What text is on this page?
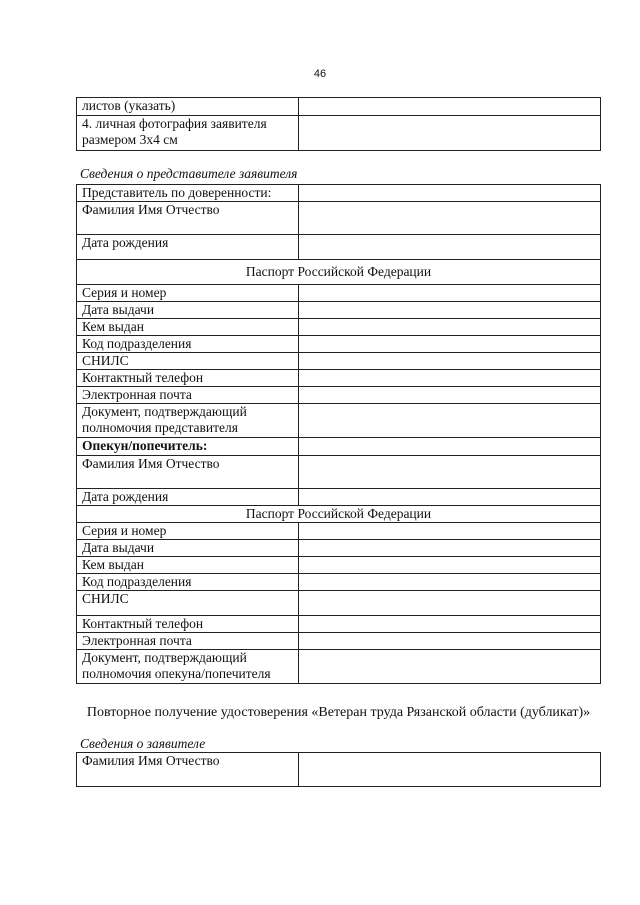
46
листов (указать)	
4. личная фотография заявителя размером 3х4 см	
Сведения о представителе заявителя
Представитель по доверенности:	
Фамилия Имя Отчество	
Дата рождения	
Паспорт Российской Федерации	
Серия и номер	
Дата выдачи	
Кем выдан	
Код подразделения	
СНИЛС	
Контактный телефон	
Электронная почта	
Документ, подтверждающий полномочия представителя	
Опекун/попечитель:	
Фамилия Имя Отчество	
Дата рождения	
Паспорт Российской Федерации	
Серия и номер	
Дата выдачи	
Кем выдан	
Код подразделения	
СНИЛС	
Контактный телефон	
Электронная почта	
Документ, подтверждающий полномочия опекуна/попечителя	
Повторное получение удостоверения «Ветеран труда Рязанской области (дубликат)»
Сведения о заявителе
Фамилия Имя Отчество	
